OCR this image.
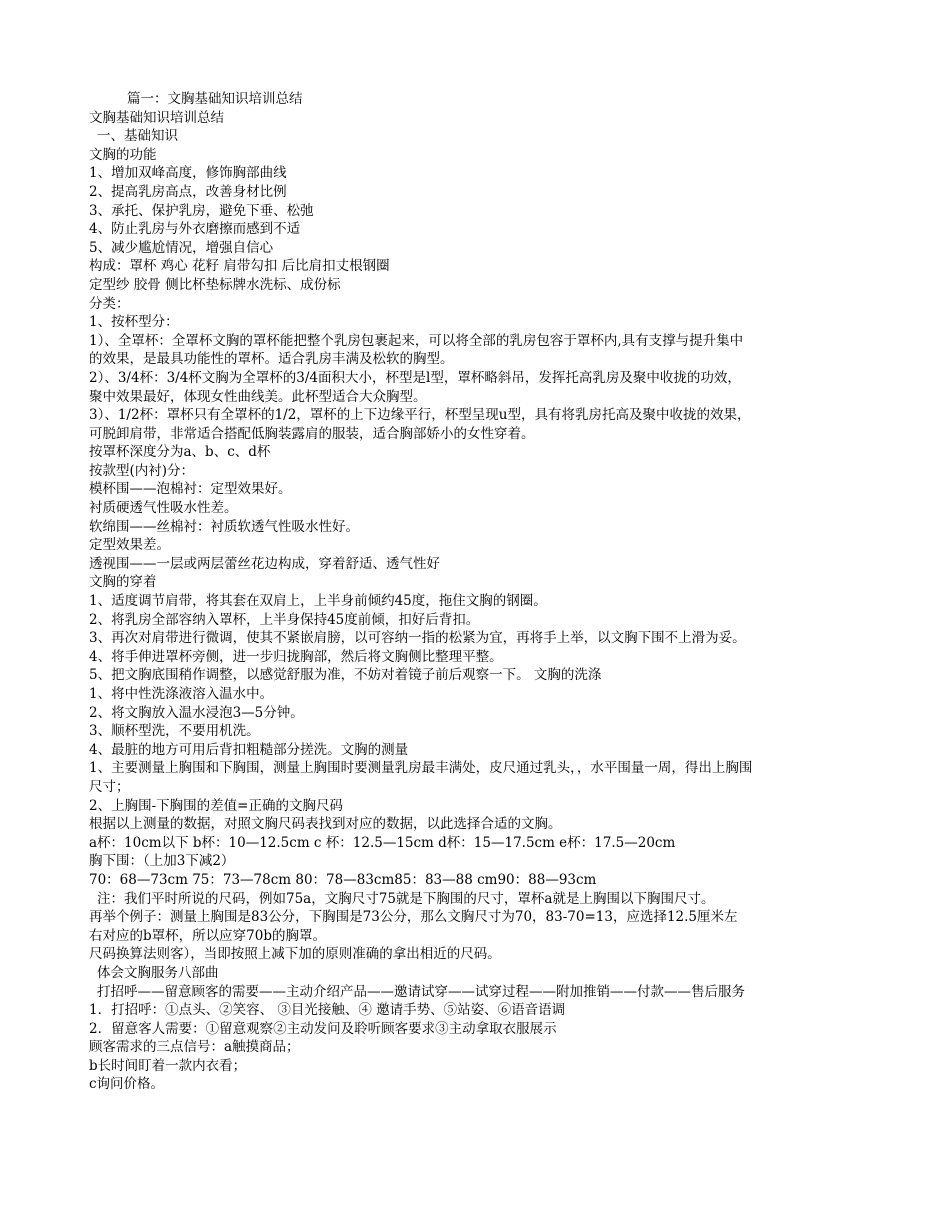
篇一：文胸基础知识培训总结
文胸基础知识培训总结
一、基础知识
文胸的功能
1、增加双峰高度，修饰胸部曲线
2、提高乳房高点，改善身材比例
3、承托、保护乳房，避免下垂、松弛
4、防止乳房与外衣磨擦而感到不适
5、减少尴尬情况，增强自信心
构成：罩杯 鸡心 花籽 肩带勾扣 后比肩扣丈根钢圈
定型纱 胶骨 侧比杯垫标牌水洗标、成份标
分类：
1、按杯型分：
1）、全罩杯：全罩杯文胸的罩杯能把整个乳房包裹起来，可以将全部的乳房包容于罩杯内,具有支撑与提升集中
的效果，是最具功能性的罩杯。适合乳房丰满及松软的胸型。
2）、3/4杯：3/4杯文胸为全罩杯的3/4面积大小，杯型是l型，罩杯略斜吊，发挥托高乳房及聚中收拢的功效，
聚中效果最好，体现女性曲线美。此杯型适合大众胸型。
3）、1/2杯：罩杯只有全罩杯的1/2，罩杯的上下边缘平行，杯型呈现u型，具有将乳房托高及聚中收拢的效果，
可脱卸肩带，非常适合搭配低胸装露肩的服装，适合胸部娇小的女性穿着。
按罩杯深度分为a、b、c、d杯
按款型(内衬)分：
模杯围——泡棉衬：定型效果好。
衬质硬透气性吸水性差。
软绵围——丝棉衬：衬质软透气性吸水性好。
定型效果差。
透视围——一层或两层蕾丝花边构成，穿着舒适、透气性好
文胸的穿着
1、适度调节肩带，将其套在双肩上，上半身前倾约45度，拖住文胸的钢圈。
2、将乳房全部容纳入罩杯，上半身保持45度前倾，扣好后背扣。
3、再次对肩带进行微调，使其不紧嵌肩膀，以可容纳一指的松紧为宜，再将手上举，以文胸下围不上滑为妥。
4、将手伸进罩杯旁侧，进一步归拢胸部，然后将文胸侧比整理平整。
5、把文胸底围稍作调整，以感觉舒服为准，不妨对着镜子前后观察一下。 文胸的洗涤
1、将中性洗涤液溶入温水中。
2、将文胸放入温水浸泡3—5分钟。
3、顺杯型洗，不要用机洗。
4、最脏的地方可用后背扣粗糙部分搓洗。文胸的测量
1、主要测量上胸围和下胸围，测量上胸围时要测量乳房最丰满处，皮尺通过乳头，，水平围量一周，得出上胸围
尺寸；
2、上胸围-下胸围的差值=正确的文胸尺码
根据以上测量的数据，对照文胸尺码表找到对应的数据，以此选择合适的文胸。
a杯：10cm以下 b杯：10—12.5cm c 杯：12.5—15cm d杯：15—17.5cm e杯：17.5—20cm
胸下围：（上加3下减2）
70：68—73cm 75：73—78cm 80：78—83cm85：83—88 cm90：88—93cm
注：我们平时所说的尺码，例如75a，文胸尺寸75就是下胸围的尺寸，罩杯a就是上胸围以下胸围尺寸。
再举个例子：测量上胸围是83公分，下胸围是73公分，那么文胸尺寸为70，83-70=13，应选择12.5厘米左
右对应的b罩杯，所以应穿70b的胸罩。
尺码换算法则客），当即按照上减下加的原则准确的拿出相近的尺码。
体会文胸服务八部曲
打招呼——留意顾客的需要——主动介绍产品——邀请试穿——试穿过程——附加推销——付款——售后服务
1．打招呼：①点头、②笑容、 ③目光接触、④ 邀请手势、⑤站姿、⑥语音语调
2．留意客人需要：①留意观察②主动发问及聆听顾客要求③主动拿取衣服展示
顾客需求的三点信号：a触摸商品；
b长时间盯着一款内衣看；
c询问价格。
